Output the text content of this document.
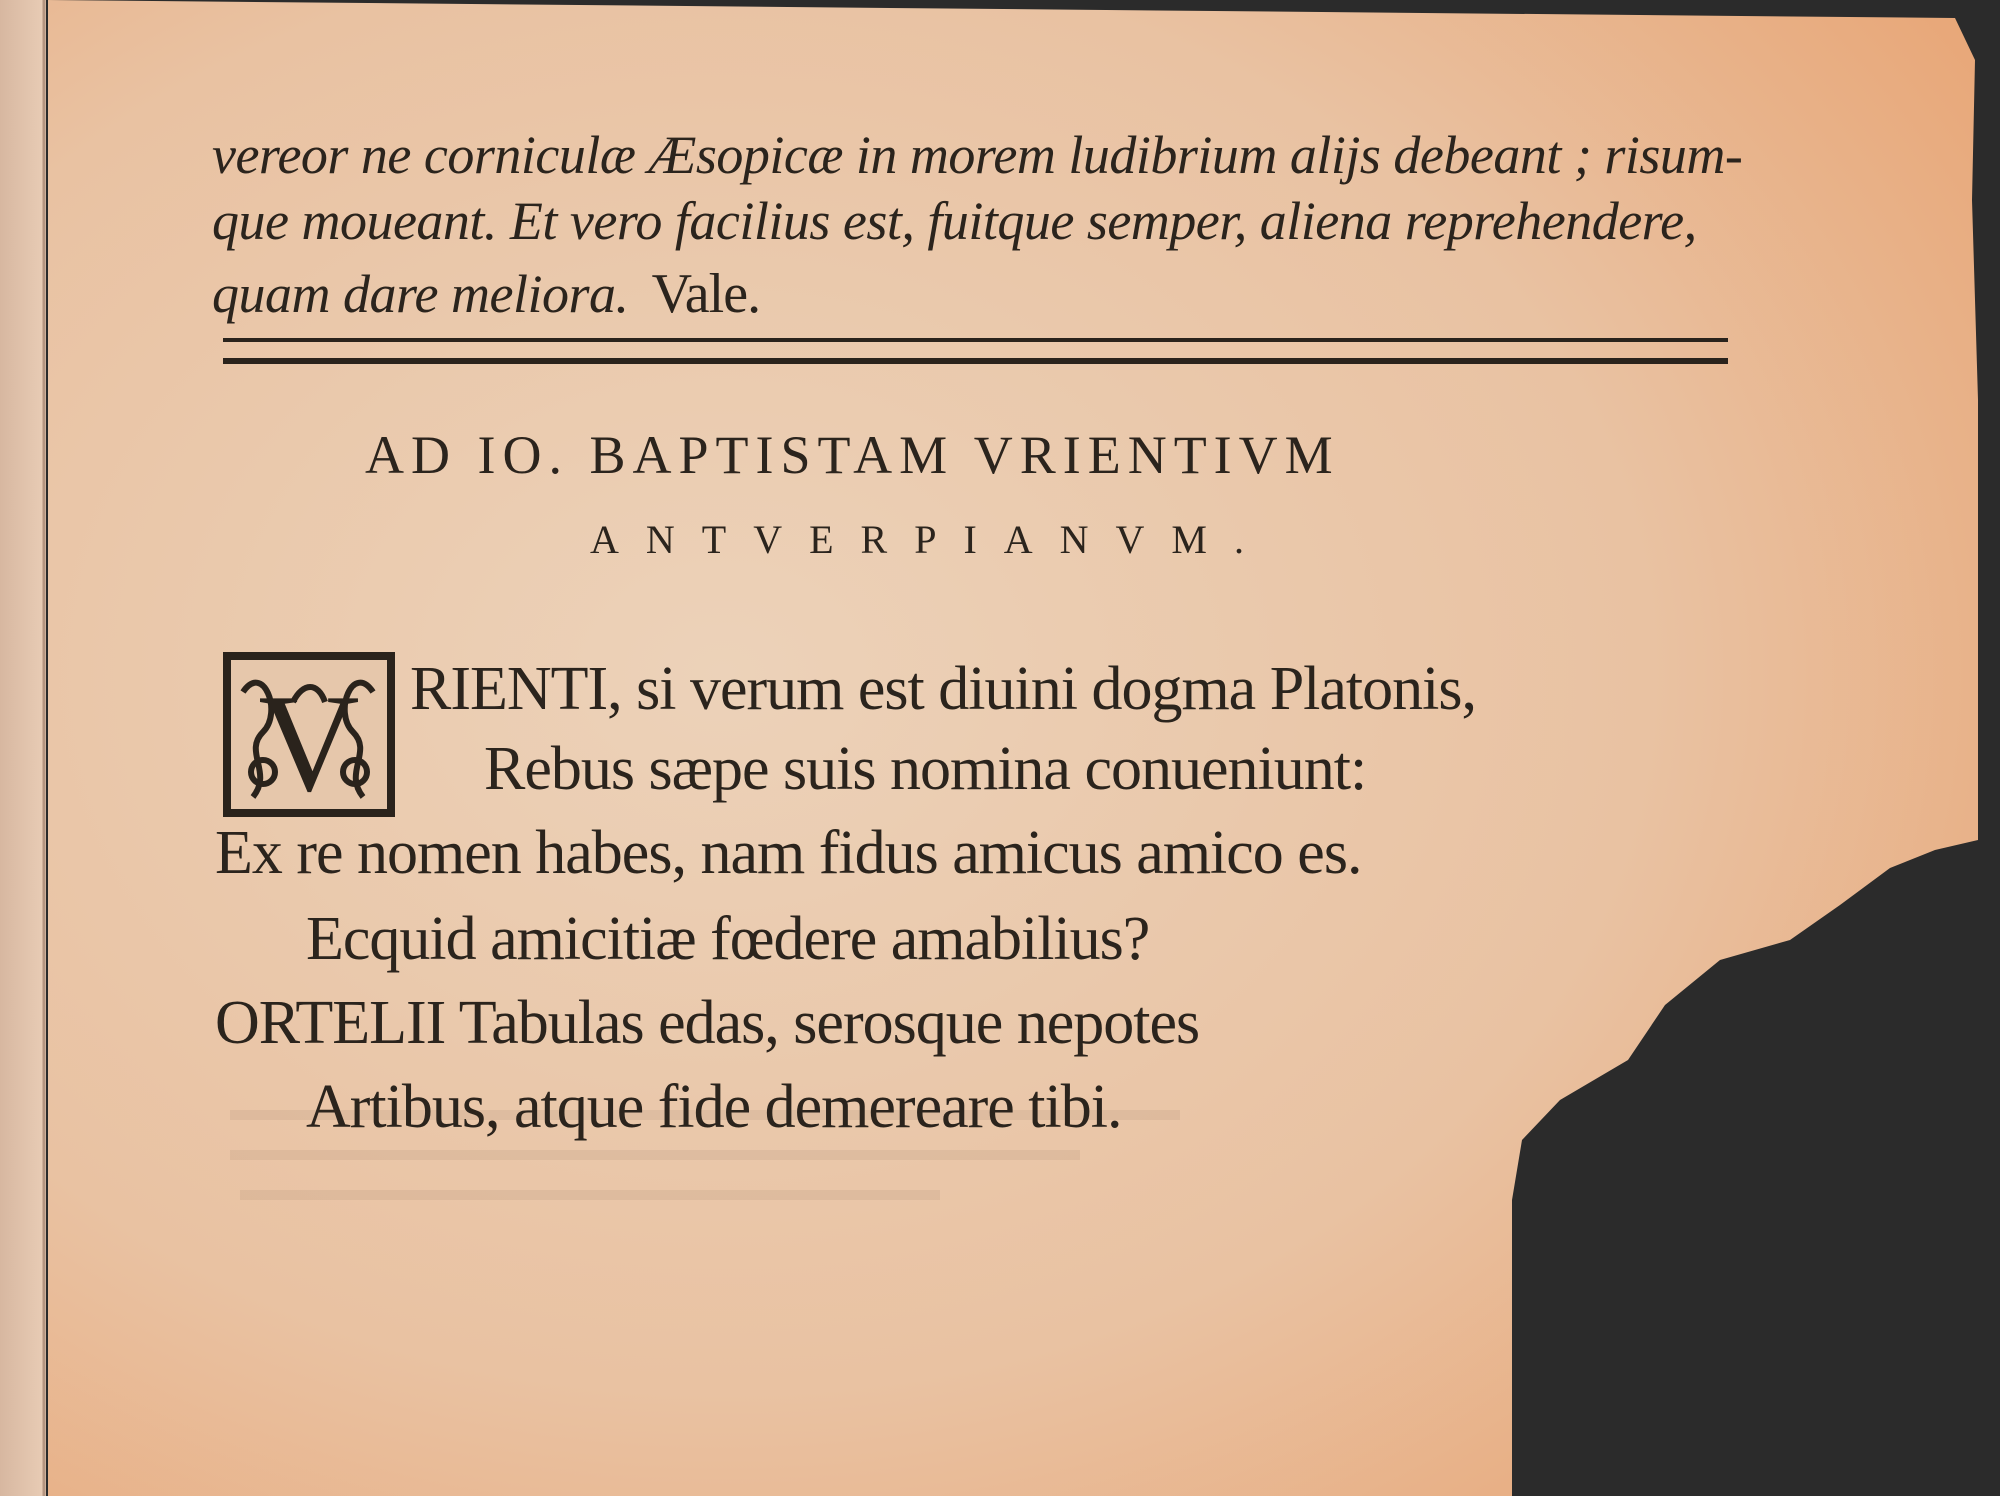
V
vereor ne corniculæ Æsopicæ in morem ludibrium alijs debeant ; risum-
que moueant. Et vero facilius est, fuitque semper, aliena reprehendere,
quam dare meliora. Vale.
AD IO. BAPTISTAM VRIENTIVM
ANTVERPIANVM.
RIENTI, si verum est diuini dogma Platonis,
Rebus sæpe suis nomina conueniunt:
Ex re nomen habes, nam fidus amicus amico es.
Ecquid amicitiæ fœdere amabilius?
ORTELII Tabulas edas, serosque nepotes
Artibus, atque fide demereare tibi.
